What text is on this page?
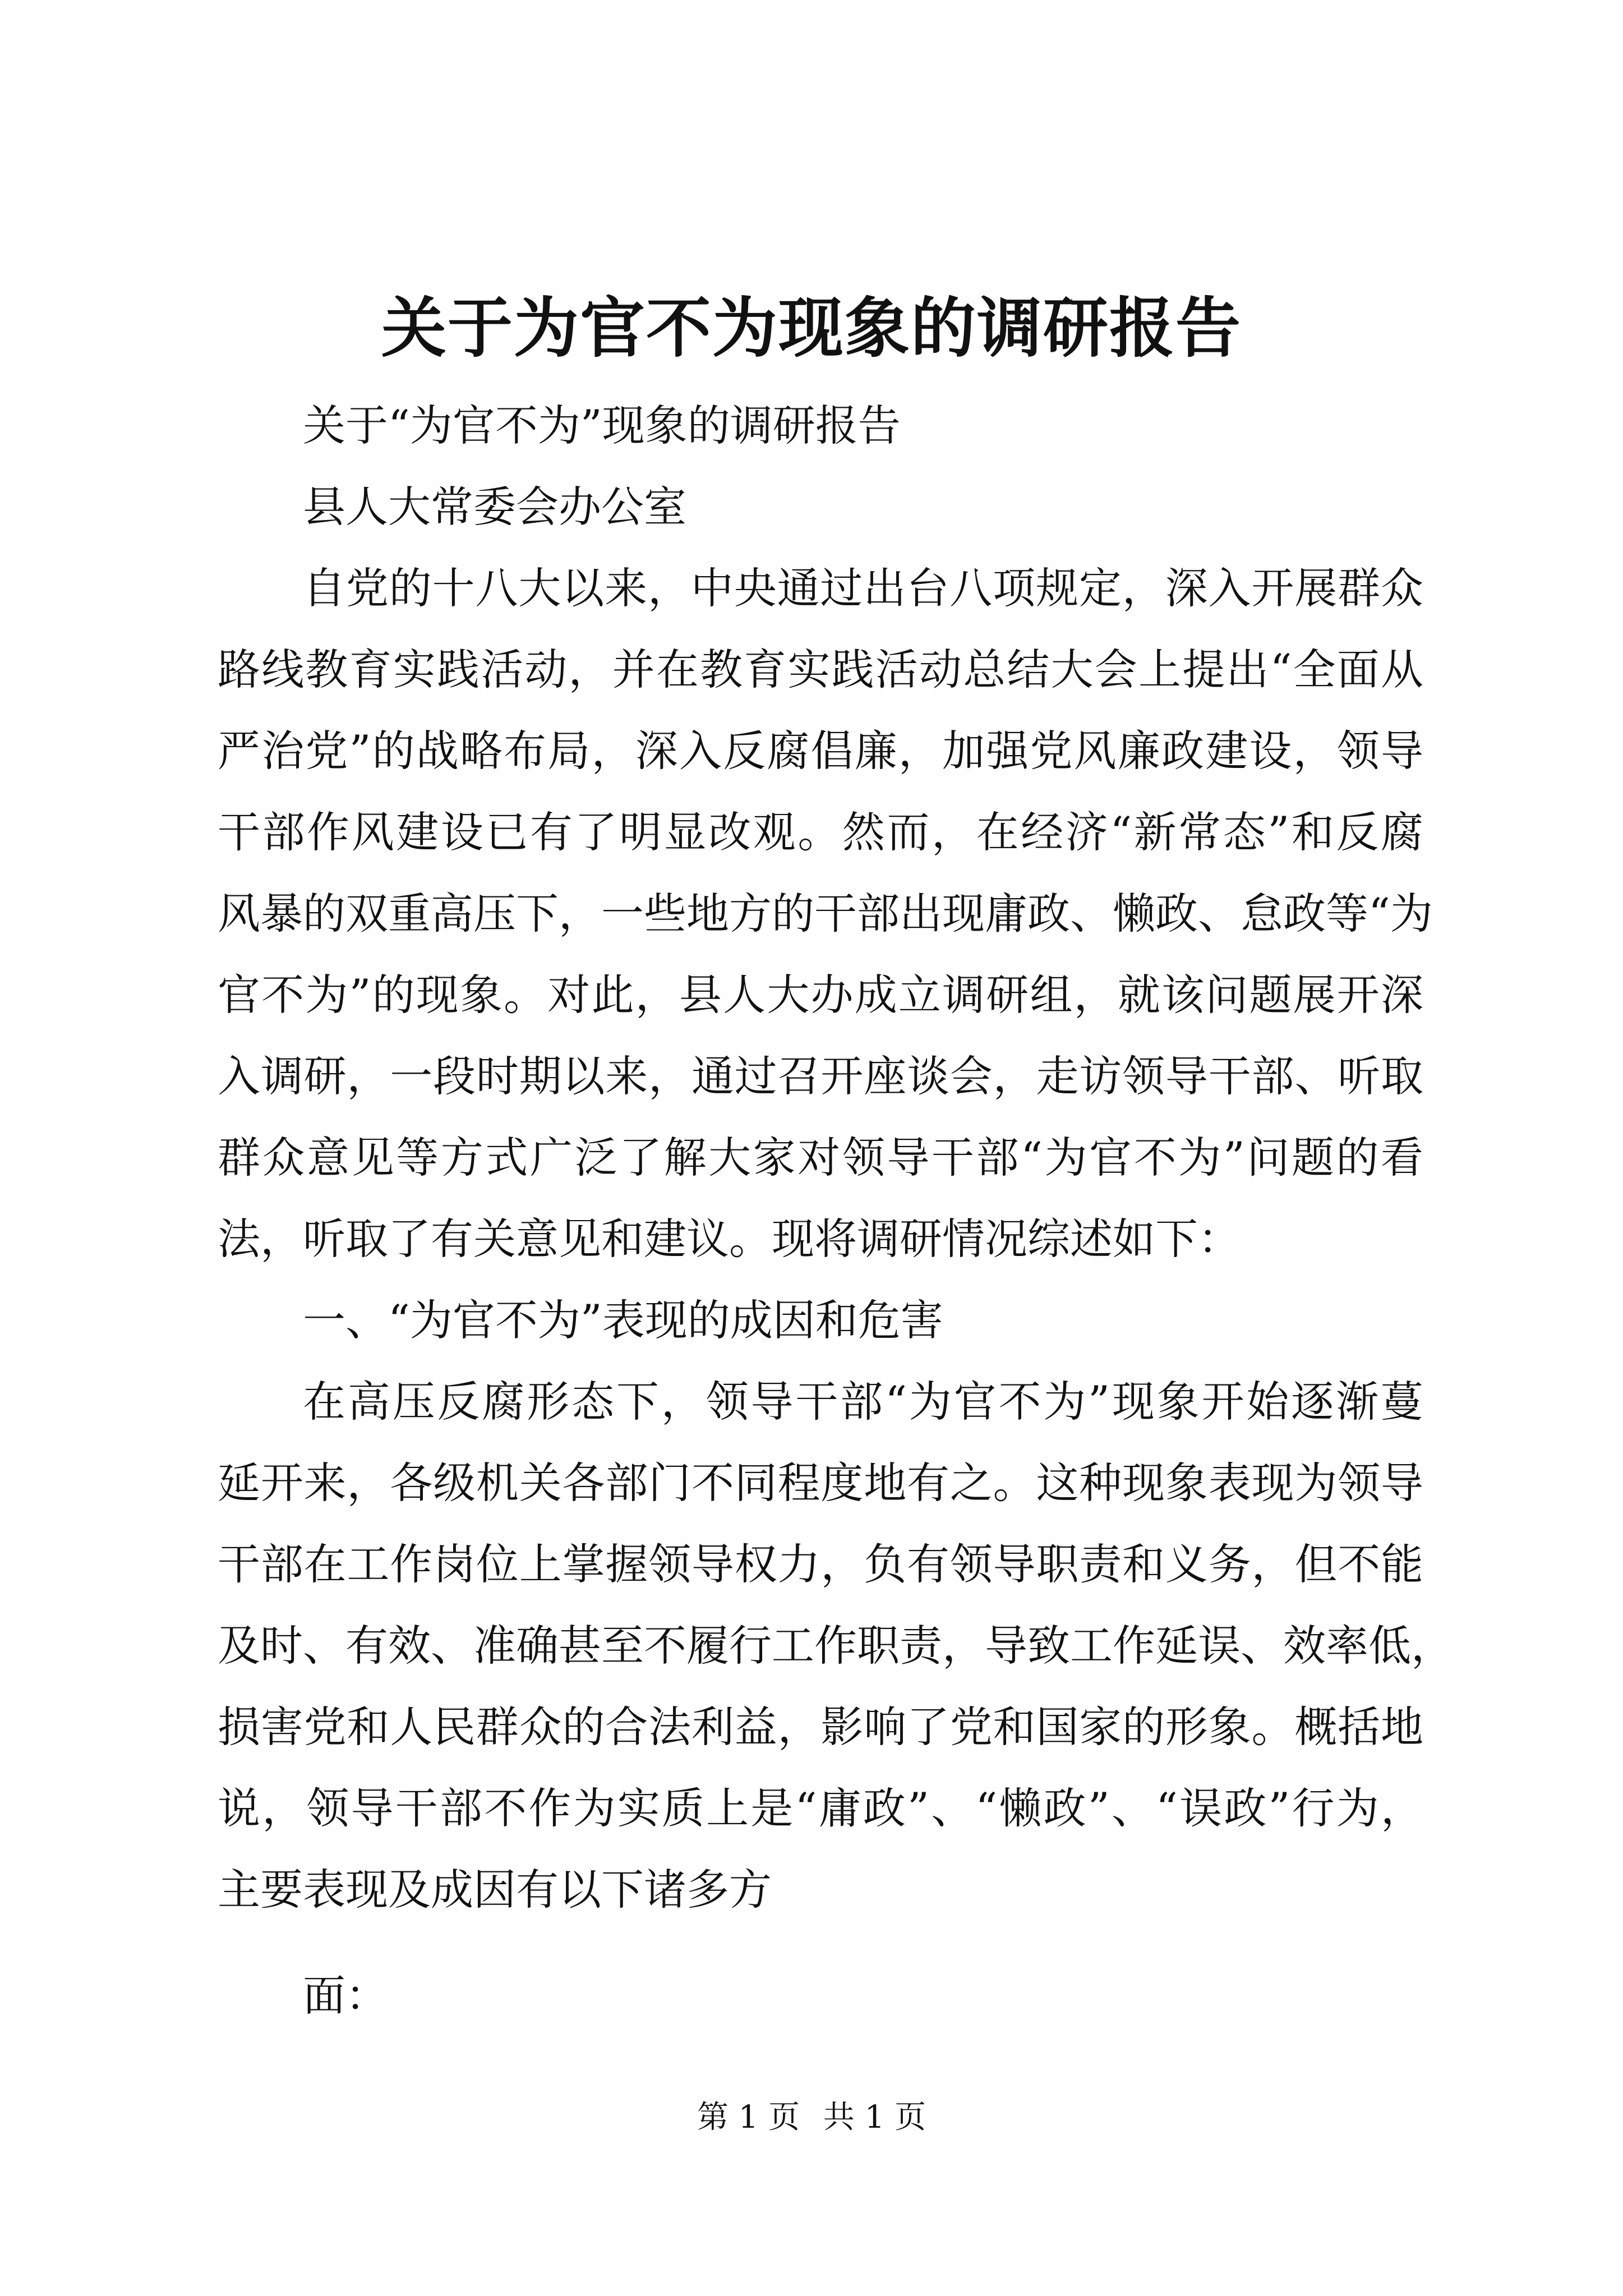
关于为官不为现象的调研报告
关于“为官不为”现象的调研报告
县人大常委会办公室
自党的十八大以来，中央通过出台八项规定，深入开展群众
路线教育实践活动，并在教育实践活动总结大会上提出“全面从
严治党”的战略布局，深入反腐倡廉，加强党风廉政建设，领导
干部作风建设已有了明显改观。然而，在经济“新常态”和反腐
风暴的双重高压下，一些地方的干部出现庸政、懒政、怠政等“为
官不为”的现象。对此，县人大办成立调研组，就该问题展开深
入调研，一段时期以来，通过召开座谈会，走访领导干部、听取
群众意见等方式广泛了解大家对领导干部“为官不为”问题的看
法，听取了有关意见和建议。现将调研情况综述如下：
一、“为官不为”表现的成因和危害
在高压反腐形态下，领导干部“为官不为”现象开始逐渐蔓
延开来，各级机关各部门不同程度地有之。这种现象表现为领导
干部在工作岗位上掌握领导权力，负有领导职责和义务，但不能
及时、有效、准确甚至不履行工作职责，导致工作延误、效率低，
损害党和人民群众的合法利益，影响了党和国家的形象。概括地
说，领导干部不作为实质上是“庸政”、“懒政”、“误政”行为，
主要表现及成因有以下诸多方
面：
第 1 页 共 1 页
